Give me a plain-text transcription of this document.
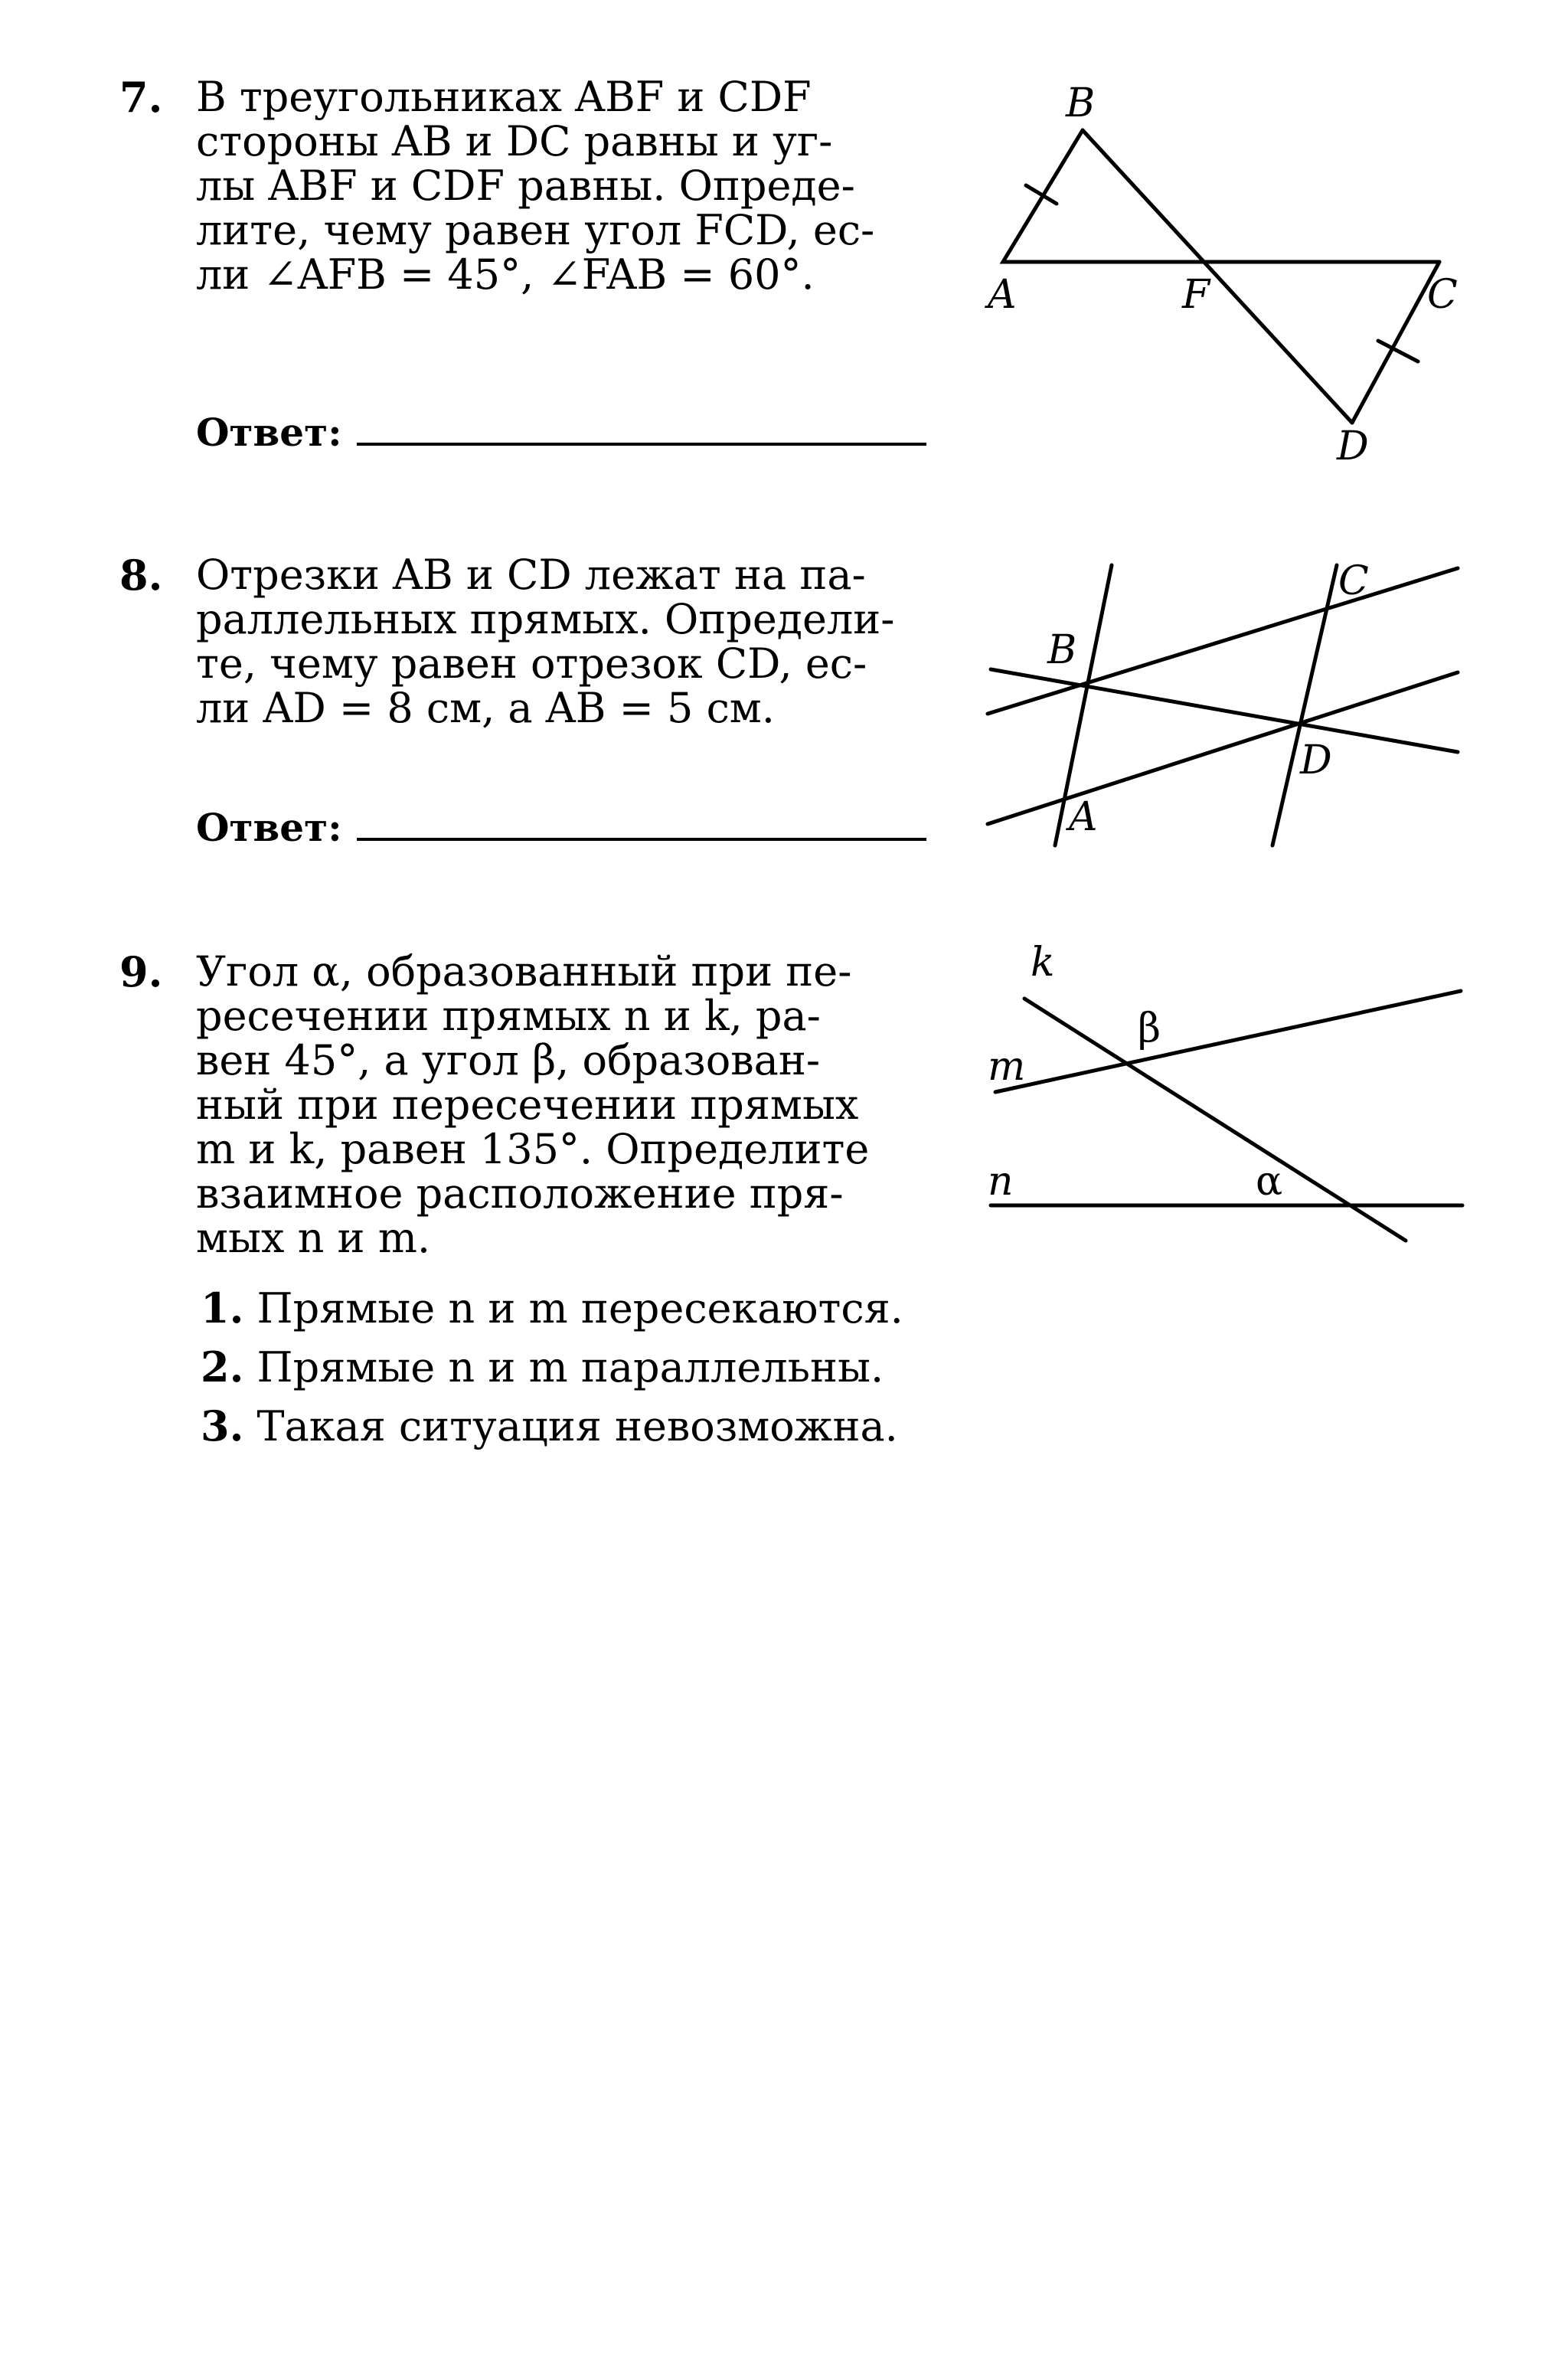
7. В треугольниках ABF и CDF
стороны AB и DC равны и уг-
лы ABF и CDF равны. Опреде-
лите, чему равен угол FCD, ес-
ли ∠AFB = 45°, ∠FAB = 60°.
Ответ:
B
A	F	C
D
8. Отрезки AB и CD лежат на па-
раллельных прямых. Определи-
те, чему равен отрезок CD, ес-
ли AD = 8 см, а AB = 5 см.
Ответ:
C
B
D
A
9. Угол α, образованный при пе-
ресечении прямых n и k, ра-
вен 45°, а угол β, образован-
ный при пересечении прямых
m и k, равен 135°. Определите
взаимное расположение пря-
мых n и m.
1. Прямые n и m пересекаются.
2. Прямые n и m параллельны.
3. Такая ситуация невозможна.
k
m
n
β
α
